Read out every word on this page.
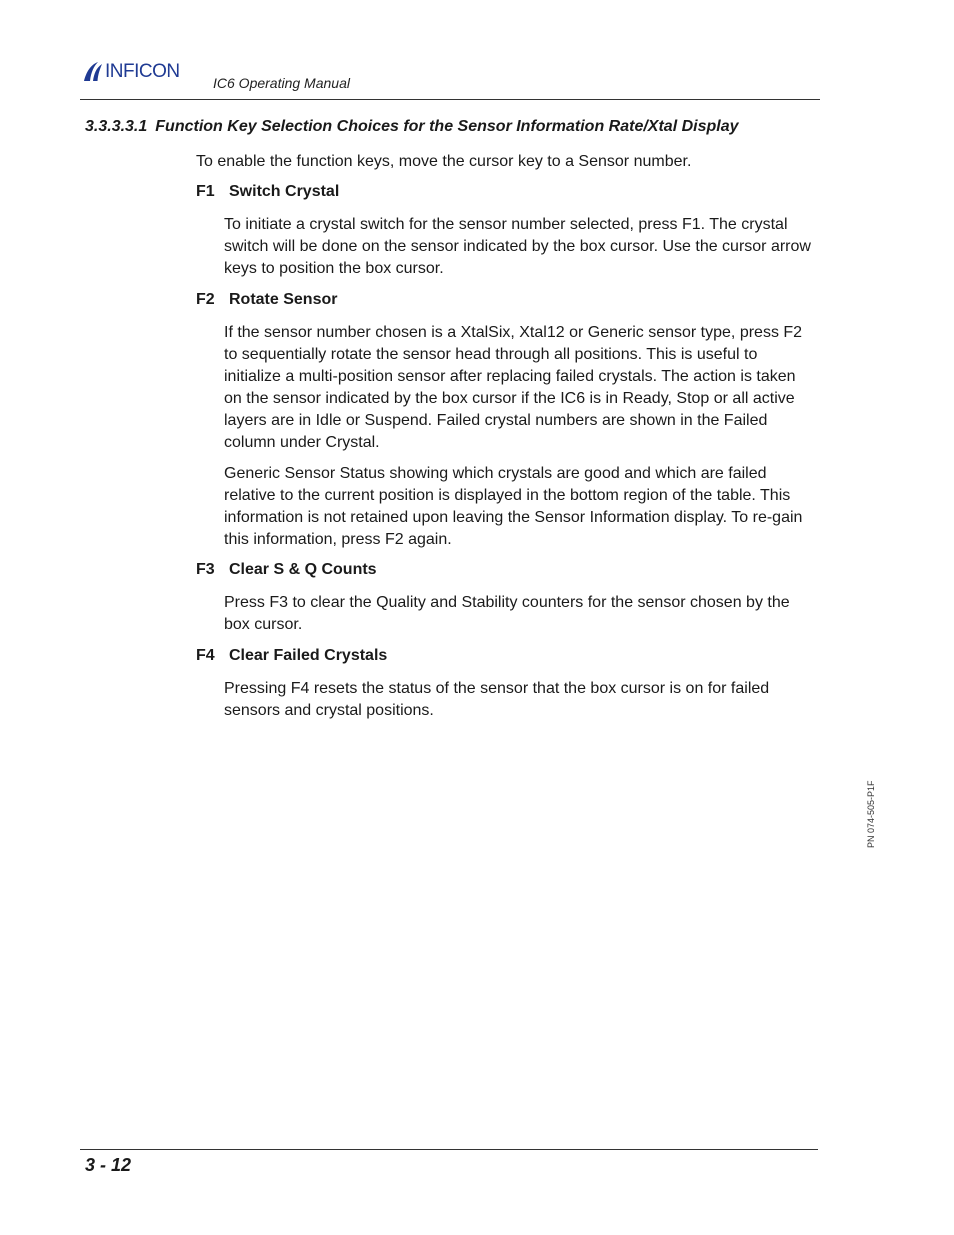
INFICON
IC6 Operating Manual
3.3.3.3.1 Function Key Selection Choices for the Sensor Information Rate/Xtal Display
To enable the function keys, move the cursor key to a Sensor number.
F1 Switch Crystal

To initiate a crystal switch for the sensor number selected, press F1. The crystal switch will be done on the sensor indicated by the box cursor. Use the cursor arrow keys to position the box cursor.

F2 Rotate Sensor

If the sensor number chosen is a XtalSix, Xtal12 or Generic sensor type, press F2 to sequentially rotate the sensor head through all positions. This is useful to initialize a multi-position sensor after replacing failed crystals. The action is taken on the sensor indicated by the box cursor if the IC6 is in Ready, Stop or all active layers are in Idle or Suspend. Failed crystal numbers are shown in the Failed column under Crystal.

Generic Sensor Status showing which crystals are good and which are failed relative to the current position is displayed in the bottom region of the table. This information is not retained upon leaving the Sensor Information display. To re-gain this information, press F2 again.

F3 Clear S & Q Counts

Press F3 to clear the Quality and Stability counters for the sensor chosen by the box cursor.

F4 Clear Failed Crystals

Pressing F4 resets the status of the sensor that the box cursor is on for failed sensors and crystal positions.

PN 074-505-P1F
3 - 12
